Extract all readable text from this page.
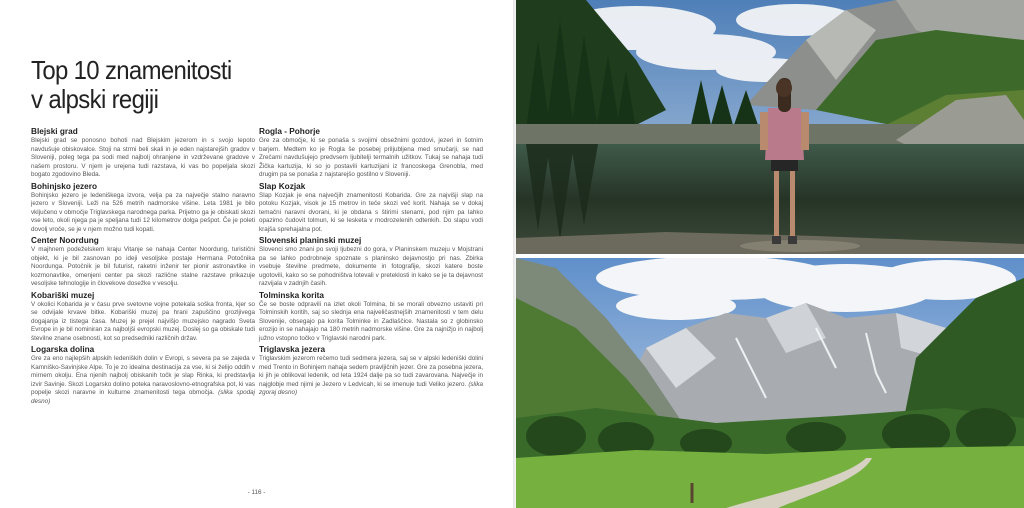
Top 10 znamenitosti
v alpski regiji

Blejski grad

Blejski grad se ponosno bohoti nad Blejskim jezerom in s svojo lepoto navdušuje obiskovalce. Stoji na strmi beli skali in je eden najstarejših gradov v Sloveniji, poleg tega pa sodi med najbolj ohranjene in vzdrževane gradove v našem prostoru. V njem je urejena tudi razstava, ki vas bo popeljala skozi bogato zgodovino Bleda.

Bohinjsko jezero

Bohinjsko jezero je ledeniškega izvora, velja pa za največje stalno naravno jezero v Sloveniji. Leži na 526 metrih nadmorske višine. Leta 1981 je bilo vključeno v območje Triglavskega narodnega parka. Prijetno ga je obiskati skozi vse leto, okoli njega pa je speljana tudi 12 kilometrov dolga pešpot. Če je poleti dovolj vroče, se je v njem možno tudi kopati.

Center Noordung

V majhnem podeželskem kraju Vitanje se nahaja Center Noordung, turistični objekt, ki je bil zasnovan po ideji vesoljske postaje Hermana Potočnika Noordunga. Potočnik je bil futurist, raketni inženir ter pionir astronavtike in kozmonavtike, omenjeni center pa skozi različne stalne razstave prikazuje vesoljske tehnologije in človekove dosežke v vesolju.

Kobariški muzej

V okolici Kobarida je v času prve svetovne vojne potekala soška fronta, kjer so se odvijale krvave bitke. Kobariški muzej pa hrani zapuščino grozljivega dogajanja iz tistega časa. Muzej je prejel najvišjo muzejsko nagrado Sveta Evrope in je bil nominiran za najboljši evropski muzej. Doslej so ga obiskale tudi številne znane osebnosti, kot so predsedniki različnih držav.

Logarska dolina

Gre za eno najlepših alpskih ledeniških dolin v Evropi, s severa pa se zajeda v Kamniško-Savinjske Alpe. To je zo idealna destinacija za vse, ki si želijo oddih v mirnem okolju. Ena njenih najbolj obiskanih točk je slap Rinka, ki predstavlja izvir Savinje. Skozi Logarsko dolino poteka naravoslovno-etnografska pot, ki vas popelje skozi naravne in kulturne znamenitosti tega območja. (slika spodaj desno)

Rogla - Pohorje

Gre za območje, ki se ponaša s svojimi obsežnimi gozdovi, jezeri in šotnim barjem. Medtem ko je Rogla še posebej priljubljena med smučarji, se nad Zrečami navdušujejo predvsem ljubitelji termalnih užitkov. Tukaj se nahaja tudi Žička kartuzija, ki so jo postavili kartuzijani iz francoskega Grenobla, med drugim pa se ponaša z najstarejšo gostilno v Sloveniji.

Slap Kozjak

Slap Kozjak je ena največjih znamenitosti Kobarida. Gre za najvišji slap na potoku Kozjak, visok je 15 metrov in teče skozi več korit. Nahaja se v dokaj temačni naravni dvorani, ki je obdana s štirimi stenami, pod njim pa lahko opazimo čudovit tolmun, ki se lesketa v modrozelenih odtenkih. Do slapu vodi krajša sprehajalna pot.

Slovenski planinski muzej

Slovenci smo znani po svoji ljubezni do gora, v Planinskem muzeju v Mojstrani pa se lahko podrobneje spoznate s planinsko dejavnostjo pri nas. Zbirka vsebuje številne predmete, dokumente in fotografije, skozi katere boste ugotovili, kako so se pohodništva lotevali v preteklosti in kako se je ta dejavnost razvijala v zadnjih časih.

Tolminska korita

Če se boste odpravili na izlet okoli Tolmina, bi se morali obvezno ustaviti pri Tolminskih koritih, saj so slednja ena najveličastnejših znamenitosti v tem delu Slovenije, obsegajo pa korita Tolminke in Zadlaščice. Nastala so z globinsko erozijo in se nahajajo na 180 metrih nadmorske višine. Gre za najnižjo in najbolj južno vstopno točko v Triglavski narodni park.

Triglavska jezera

Triglavskim jezerom rečemo tudi sedmera jezera, saj se v alpski ledeniški dolini med Trento in Bohinjem nahaja sedem pravljičnih jezer. Gre za posebna jezera, ki jih je oblikoval ledenik, od leta 1924 dalje pa so tudi zavarovana. Največje in najglobje med njimi je Jezero v Ledvicah, ki se imenuje tudi Veliko jezero. (slika zgoraj desno)

- 116 -
